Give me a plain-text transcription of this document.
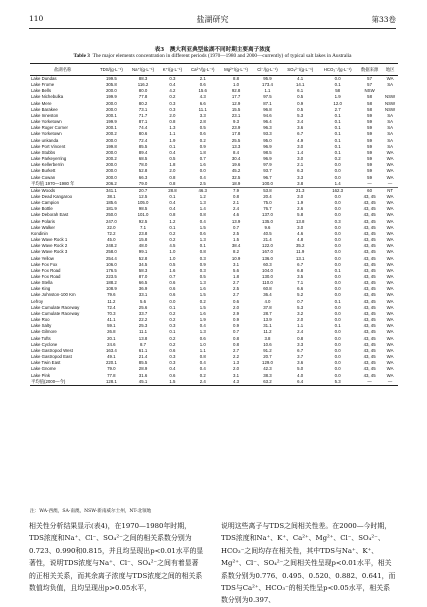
110	盐湖研究	第33卷
表3　澳大利亚典型盐湖不同时期主要离子浓度
Table 3 The major elements concentration in different periods (1970—1980 and 2000—currently) of typical salt lakes in Australia
盐湖名称	TDS/(g·L⁻¹)	Na⁺/(g·L⁻¹)	K⁺/(g·L⁻¹)	Ca²⁺/(g·L⁻¹)	Mg²⁺/(g·L⁻¹)	Cl⁻/(g·L⁻¹)	SO₄²⁻/(g·L⁻¹)	HCO₃⁻/(g·L⁻¹)	数据来源	地区
Lake Dundas	199.5	88.3	0.3	2.1	8.8	95.9	4.1	0.0	57	WA
Lake Frome	305.8	116.2	0.4	0.6	1.0	173.4	14.1	0.1	57	SA
Lake Bells	200.0	80.0	4.2	15.6	92.8	1.1	6.1	58	NSW	
Lake Nichebulka	199.9	77.8	0.2	4.3	17.7	97.5	0.5	1.9	58	NSW
Lake Mere	200.0	80.2	0.3	6.6	12.9	87.1	0.9	12.0	58	NSW
Lake Barakee	200.0	73.1	0.3	11.1	15.5	96.8	0.5	2.7	58	NSW
Lake Inneston	200.1	71.7	2.0	3.3	23.1	94.6	5.3	0.1	59	SA
Lake Yorketown	199.9	87.1	0.8	2.8	9.3	96.4	3.4	0.1	59	SA
Lake Roger Corner	200.1	74.4	1.3	0.5	23.9	96.3	3.6	0.1	59	SA
Lake Yorketown	200.2	80.6	1.1	0.6	17.8	93.3	6.7	0.1	59	SA
Lake unkanda	200.0	72.4	1.9	0.2	25.5	95.0	4.9	0.1	59	SA
Lake Port Vincent	199.8	85.5	0.1	0.9	13.3	96.9	3.0	0.1	59	SA
Lake Stubbs	200.0	89.4	0.4	1.8	8.4	98.5	1.4	0.1	59	WA
Lake Parkeyerring	200.2	68.5	0.5	0.7	30.4	96.9	3.0	0.2	59	WA
Lake Kellerberrin	200.0	78.0	1.8	1.6	19.6	97.9	2.1	0.0	59	WA
Lake Burkett	200.0	52.8	2.0	0.0	45.2	93.7	6.3	0.0	59	WA
Lake Cowan	200.0	66.3	0.8	0.4	32.5	96.7	3.3	0.0	59	WA
平均值 1970—1980 年	206.2	79.0	0.8	2.5	18.9	100.0	3.8	1.4	—	—
Lake Woods	341.1	20.7	28.8	46.3	7.9	53.8	21.3	162.3	60	NT
Lake Dead Kangaroo	38.1	12.5	0.1	1.2	0.8	20.4	3.0	0.0	43, 45	WA
Lake Campion	185.6	105.0	0.4	1.3	2.1	75.0	1.9	0.0	43, 45	WA
Lake Bottle	181.9	98.5	0.4	1.4	2.4	76.7	2.6	0.0	43, 45	WA
Lake Deborah East	250.0	101.0	0.8	0.8	4.6	137.0	5.8	0.0	43, 45	WA
Lake Polaris	247.0	92.5	1.2	0.4	13.9	135.0	13.8	0.3	43, 45	WA
Lake Walker	22.0	7.1	0.1	1.5	0.7	9.6	3.0	0.0	43, 45	WA
Kondinin	72.2	23.8	0.2	0.6	2.5	40.5	4.6	0.0	43, 45	WA
Lake Wave Rock 1	45.0	15.8	0.2	1.3	1.5	21.4	4.8	0.0	43, 45	WA
Lake Wave Rock 2	248.2	48.0	4.5	0.1	38.4	122.0	35.2	0.0	43, 45	WA
Lake Wave Rock 3	258.0	99.1	1.0	0.8	8.2	167.0	11.9	0.0	43, 45	WA
Lake Yellow	254.4	52.8	1.0	0.3	10.9	136.0	13.1	0.0	43, 45	WA
Lake Fox Fox	106.0	34.5	0.5	0.9	3.1	60.3	6.7	0.0	43, 45	WA
Lake Fox Road	176.5	58.3	1.6	0.3	5.6	104.0	6.8	0.1	43, 45	WA
Lake Fox Road	223.5	87.0	0.7	0.5	1.8	130.0	3.5	0.0	43, 45	WA
Lake Stella	188.2	66.5	0.6	1.3	2.7	110.0	7.1	0.0	43, 45	WA
Lake King	108.9	36.9	0.6	1.6	2.5	60.8	6.6	0.0	43, 45	WA
Lake Johnston-100 Km	79.6	33.1	0.6	1.5	2.7	36.4	5.2	0.0	43, 45	WA
Lefroy	11.2	5.6	0.0	0.2	0.6	4.0	0.7	0.1	43, 45	WA
Lake Cumulate Raceway	72.4	25.6	0.1	1.5	2.0	37.8	5.3	0.0	43, 45	WA
Lake Cumulate Raceway	70.3	33.7	0.2	1.6	2.9	28.7	3.2	0.0	43, 45	WA
Lake Roo	41.1	22.2	0.2	1.9	0.9	13.9	2.0	0.0	43, 45	WA
Lake Salty	59.1	25.3	0.3	0.4	0.9	31.1	1.1	0.1	43, 45	WA
Lake Gilmore	26.8	11.1	0.1	1.3	0.7	11.2	2.4	0.0	43, 45	WA
Lake Tofts	20.1	13.8	0.2	0.6	0.8	3.8	0.8	0.0	43, 45	WA
Lake Cyclone	24.6	8.7	0.2	1.0	0.8	10.6	3.3	0.0	43, 45	WA
Lake Gastropod West	163.4	61.1	0.6	1.1	2.7	91.2	6.7	0.0	43, 45	WA
Lake Gastropod East	49.1	21.4	0.3	0.8	2.2	20.7	3.7	0.0	43, 45	WA
Lake Twin East	220.1	85.5	0.3	0.4	1.3	129.0	3.6	0.0	43, 45	WA
Lake Gnome	79.0	28.9	0.4	0.4	2.0	42.3	5.0	0.0	43, 45	WA
Lake Pink	77.8	31.6	0.6	0.2	3.1	38.3	4.0	0.0	43, 45	WA
平均值(2000—今)	128.1	45.1	1.5	2.4	4.3	63.2	6.4	5.3	—	—
注：WA-西澳，SA-南澳，NSW-新南威尔士州，NT-北领地

相关性分析结果显示(表4)，在1970—1980年时期，TDS浓度和Na⁺、Cl⁻、SO₄²⁻之间的相关系数分别为0.723、0.990和0.815，并且均呈现出p<0.01水平的显著性，说明TDS浓度与Na⁺、Cl⁻、SO₄²⁻之间有着显著的正相关关系，而其余离子浓度与TDS浓度之间的相关系数值均负值，且均呈现出p>0.05水平，

说明这些离子与TDS之间相关性差。在2000—今时期，TDS浓度和Na⁺、K⁺、Ca²⁺、Mg²⁺、Cl⁻、SO₄²⁻、HCO₃⁻之间均存在相关性，其中TDS与Na⁺、K⁺、Mg²⁺、Cl⁻、SO₄²⁻之间相关性呈现p<0.01水平，相关系数分别为0.776、0.495、0.520、0.882、0.641，而TDS与Ca²⁺、HCO₃⁻的相关性呈p<0.05水平，相关系数分别为0.397、
